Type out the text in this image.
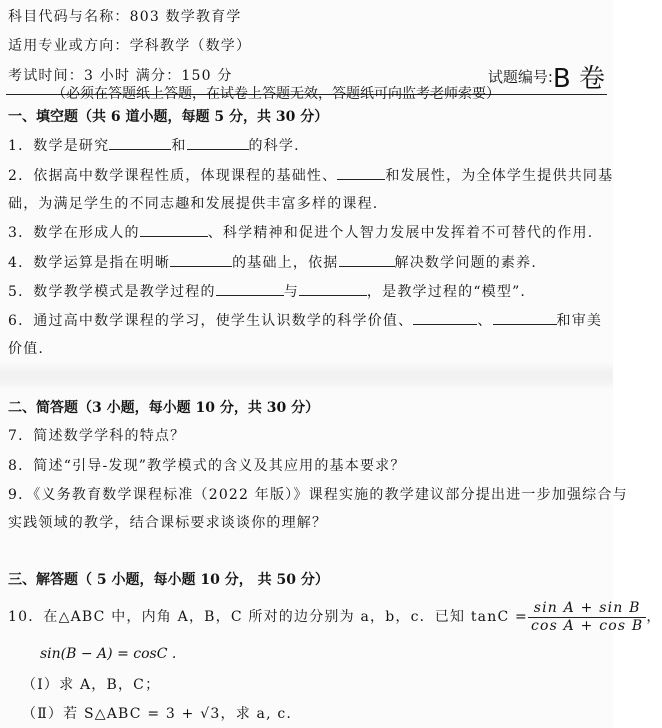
科目代码与名称：803 数学教育学
适用专业或方向：学科教学（数学）
考试时间：3 小时 满分：150 分	试题编号:B 卷
（必须在答题纸上答题，在试卷上答题无效，答题纸可向监考老师索要）
一、填空题（共 6 道小题，每题 5 分，共 30 分）
1．数学是研究	和	的科学.
2．依据高中数学课程性质，体现课程的基础性、	和发展性，为全体学生提供共同基
础，为满足学生的不同志趣和发展提供丰富多样的课程.
3．数学在形成人的	、科学精神和促进个人智力发展中发挥着不可替代的作用.
4．数学运算是指在明晰	的基础上，依据	解决数学问题的素养.
5．数学教学模式是教学过程的	与	，是教学过程的“模型”.
6．通过高中数学课程的学习，使学生认识数学的科学价值、	、	和审美
价值.
二、简答题（3 小题，每小题 10 分，共 30 分）
7．简述数学学科的特点？
8．简述“引导-发现”教学模式的含义及其应用的基本要求？
9．《义务教育数学课程标准（2022 年版）》课程实施的教学建议部分提出进一步加强综合与
实践领域的教学，结合课标要求谈谈你的理解？
三、解答题（ 5 小题，每小题 10 分， 共 50 分）
10．在△ABC 中，内角 A，B，C 所对的边分别为 a，b，c．已知 $\tan C = \frac{\text{sin A + sin B}}{\text{cos A + cos B}}$ ，
sin(B − A) = cosC .
（Ⅰ）求 A，B，C；
（Ⅱ）若 S△ABC = 3 + √3，求 a, c.
